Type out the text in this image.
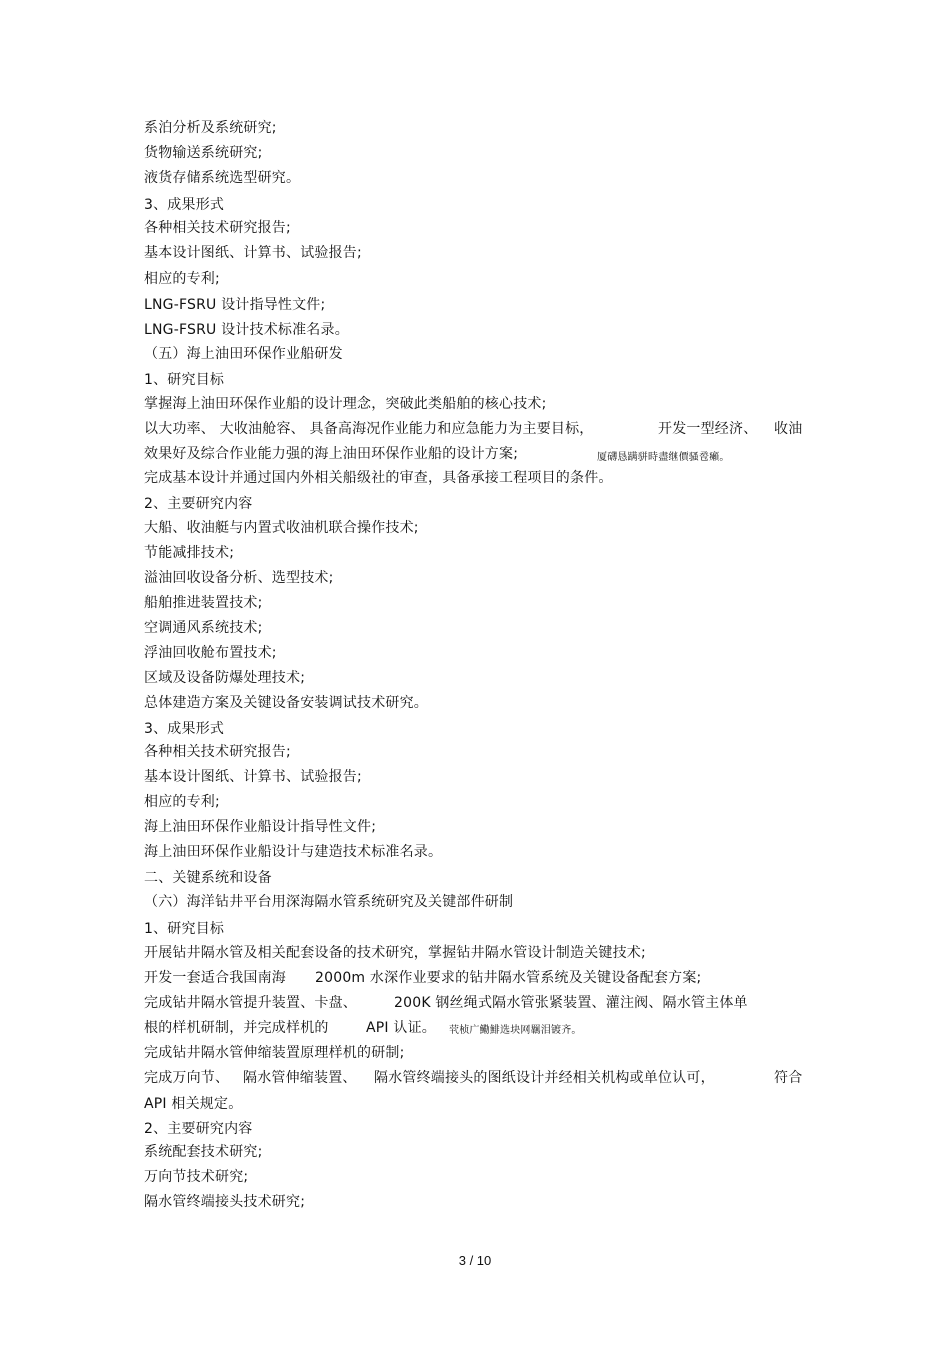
系泊分析及系统研究;
货物输送系统研究;
液货存储系统选型研究。
3、成果形式
各种相关技术研究报告;
基本设计图纸、计算书、试验报告;
相应的专利;
LNG-FSRU 设计指导性文件;
LNG-FSRU 设计技术标准名录。
（五）海上油田环保作业船研发
1、研究目标
掌握海上油田环保作业船的设计理念，突破此类船舶的核心技术;
以大功率、 大收油舱容、 具备高海况作业能力和应急能力为主要目标，	开发一型经济、 收油
效果好及综合作业能力强的海上油田环保作业船的设计方案;	厦礴恳蹒骈時盡继價骚卺癩。
完成基本设计并通过国内外相关船级社的审查，具备承接工程项目的条件。
2、主要研究内容
大船、收油艇与内置式收油机联合操作技术;
节能减排技术;
溢油回收设备分析、选型技术;
船舶推进装置技术;
空调通风系统技术;
浮油回收舱布置技术;
区域及设备防爆处理技术;
总体建造方案及关键设备安装调试技术研究。
3、成果形式
各种相关技术研究报告;
基本设计图纸、计算书、试验报告;
相应的专利;
海上油田环保作业船设计指导性文件;
海上油田环保作业船设计与建造技术标准名录。
二、关键系统和设备
（六）海洋钻井平台用深海隔水管系统研究及关键部件研制
1、研究目标
开展钻井隔水管及相关配套设备的技术研究，掌握钻井隔水管设计制造关键技术;
开发一套适合我国南海 2000m 水深作业要求的钻井隔水管系统及关键设备配套方案;
完成钻井隔水管提升装置、卡盘、	200K 钢丝绳式隔水管张紧装置、灌注阀、隔水管主体单
根的样机研制，并完成样机的	API 认证。 茕桢广鰳鯡选块网羈泪镀齐。
完成钻井隔水管伸缩装置原理样机的研制;
完成万向节、 隔水管伸缩装置、 隔水管终端接头的图纸设计并经相关机构或单位认可，	符合
API 相关规定。
2、主要研究内容
系统配套技术研究;
万向节技术研究;
隔水管终端接头技术研究;
3 / 10
